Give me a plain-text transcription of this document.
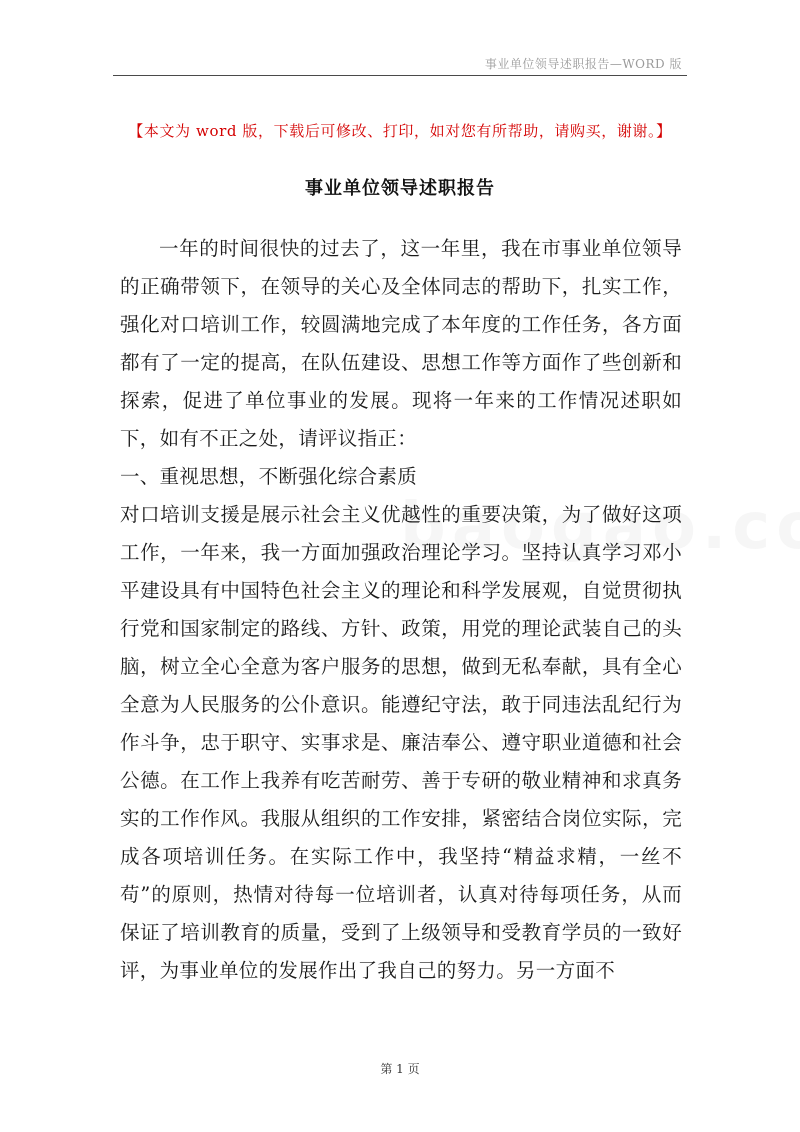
事业单位领导述职报告—WORD 版
【本文为 word 版，下载后可修改、打印，如对您有所帮助，请购买，谢谢。】
事业单位领导述职报告

一年的时间很快的过去了，这一年里，我在市事业单位领导的正确带领下，在领导的关心及全体同志的帮助下，扎实工作，强化对口培训工作，较圆满地完成了本年度的工作任务，各方面都有了一定的提高，在队伍建设、思想工作等方面作了些创新和探索，促进了单位事业的发展。现将一年来的工作情况述职如下，如有不正之处，请评议指正：

一、重视思想，不断强化综合素质

对口培训支援是展示社会主义优越性的重要决策，为了做好这项工作，一年来，我一方面加强政治理论学习。坚持认真学习邓小平建设具有中国特色社会主义的理论和科学发展观，自觉贯彻执行党和国家制定的路线、方针、政策，用党的理论武装自己的头脑，树立全心全意为客户服务的思想，做到无私奉献，具有全心全意为人民服务的公仆意识。能遵纪守法，敢于同违法乱纪行为作斗争，忠于职守、实事求是、廉洁奉公、遵守职业道德和社会公德。在工作上我养有吃苦耐劳、善于专研的敬业精神和求真务实的工作作风。我服从组织的工作安排，紧密结合岗位实际，完成各项培训任务。在实际工作中，我坚持“精益求精，一丝不苟”的原则，热情对待每一位培训者，认真对待每项任务，从而保证了培训教育的质量，受到了上级领导和受教育学员的一致好评，为事业单位的发展作出了我自己的努力。另一方面不

第 1 页
